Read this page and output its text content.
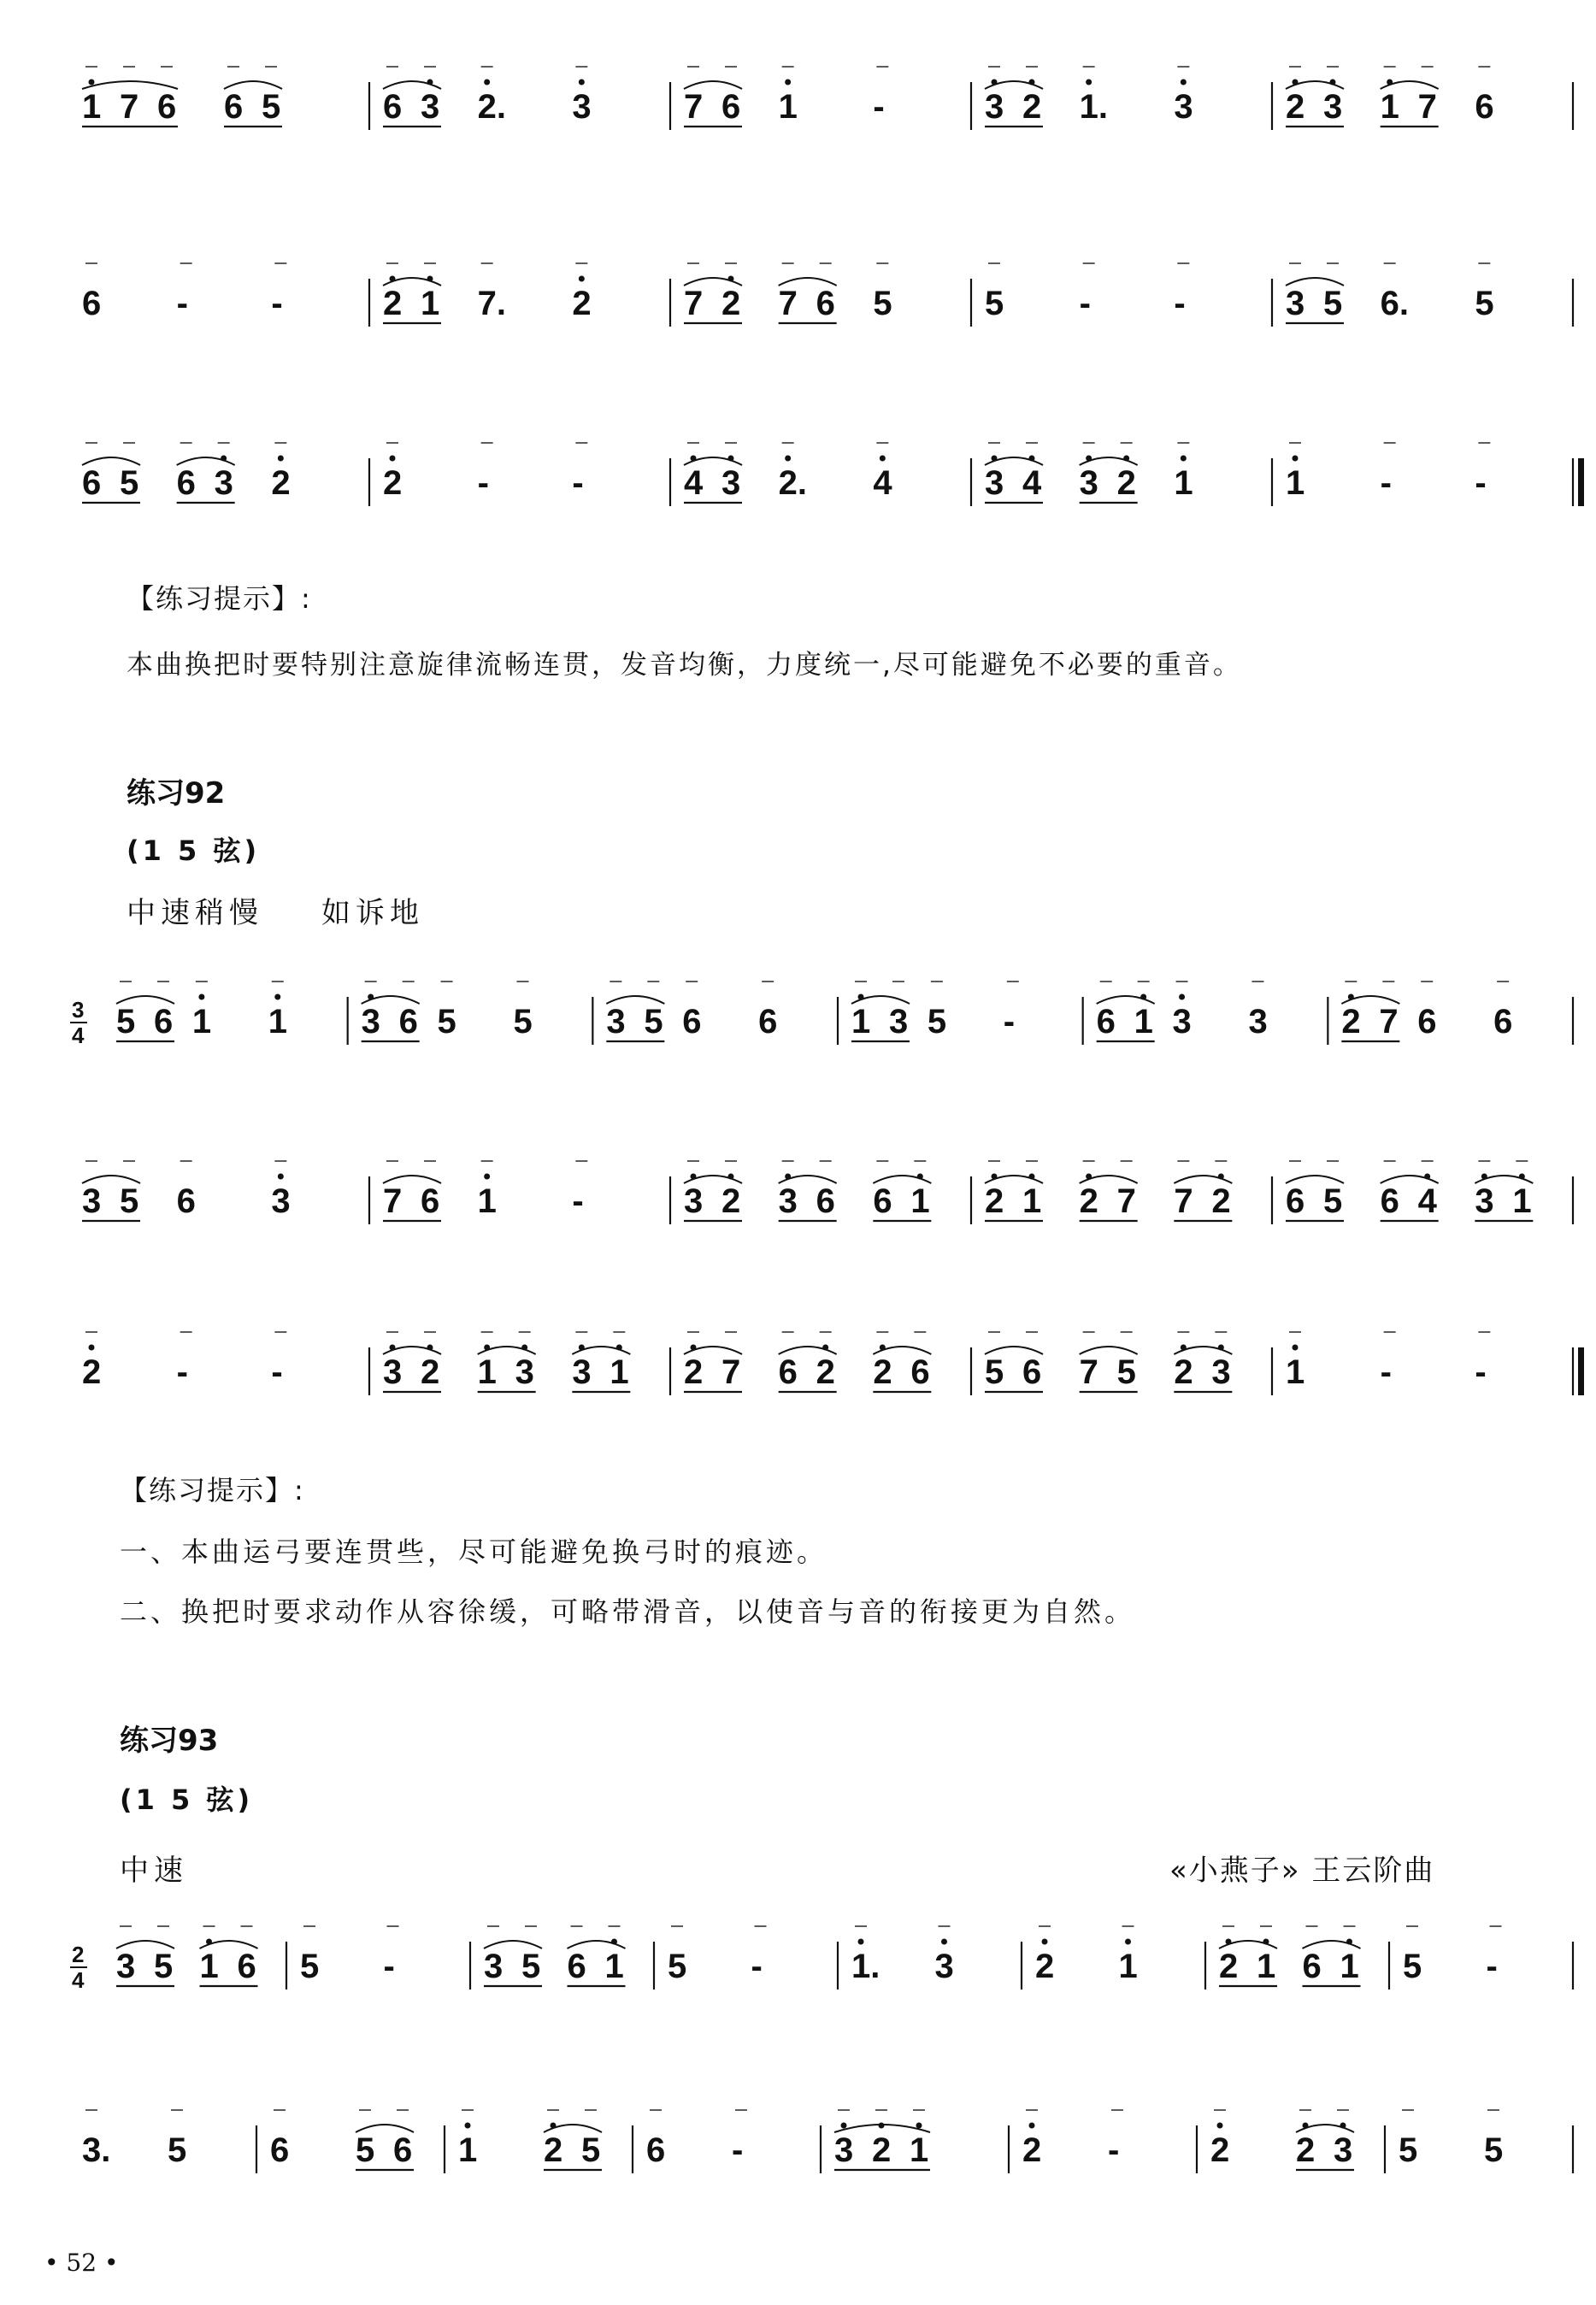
1 7 6 6 5	6 3 2. 3	7 6 1 -	3 2 1. 3	2 3 1 7 6
6 - -	2 1 7. 2	7 2 7 6 5	5 - -	3 5 6. 5
6 5 6 3 2	2 - -	4 3 2. 4	3 4 3 2 1	1 - -
【练习提示】:
本曲换把时要特别注意旋律流畅连贯，发音均衡，力度统一,尽可能避免不必要的重音。
练习92
(1 5 弦)
中速稍慢 如诉地
3
4 5 6 1 1 3 6 5 5 3 5 6 6 1 3 5 - 6 1 3 3 2 7 6 6
3 5 6 3	7 6 1 -	3 2 3 6 6 1 2 1 2 7 7 2 6 5 6 4 3 1
2 - -	3 2 1 3 3 1 2 7 6 2 2 6 5 6 7 5 2 3 1 - -
【练习提示】:
一、本曲运弓要连贯些，尽可能避免换弓时的痕迹。
二、换把时要求动作从容徐缓，可略带滑音，以使音与音的衔接更为自然。
练习93
(1 5 弦)
中速	«小燕子» 王云阶曲
2
4 3 5 1 6 5 -	3 5 6 1 5 -	1. 3 2 1 2 1 6 1 5 -
3. 5 6 5 6 1 2 5 6 -	3 2 1	2 -	2 2 3 5 5
• 52 •
